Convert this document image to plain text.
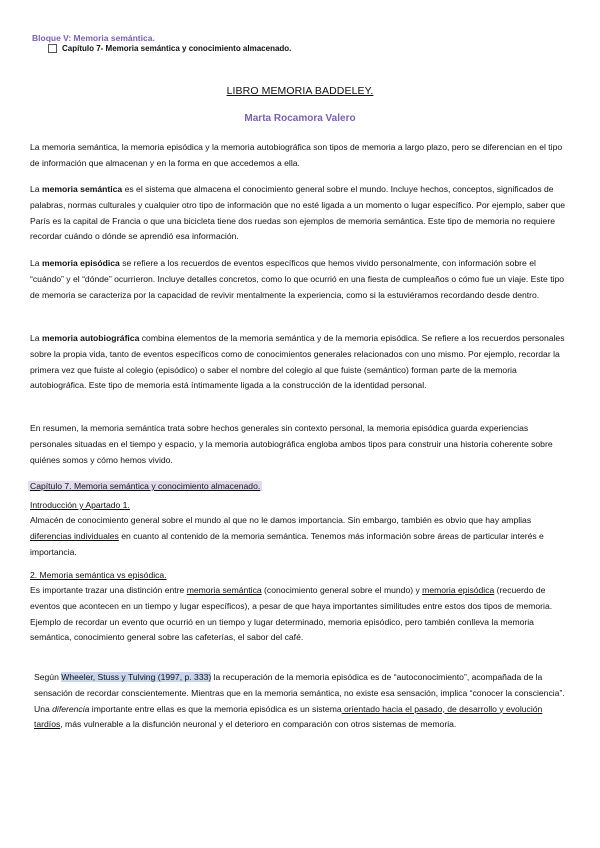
Bloque V: Memoria semántica.
Capítulo 7- Memoria semántica y conocimiento almacenado.
LIBRO MEMORIA BADDELEY.
Marta Rocamora Valero
La memoria semántica, la memoria episódica y la memoria autobiográfica son tipos de memoria a largo plazo, pero se diferencian en el tipo de información que almacenan y en la forma en que accedemos a ella.
La memoria semántica es el sistema que almacena el conocimiento general sobre el mundo. Incluye hechos, conceptos, significados de palabras, normas culturales y cualquier otro tipo de información que no esté ligada a un momento o lugar específico. Por ejemplo, saber que París es la capital de Francia o que una bicicleta tiene dos ruedas son ejemplos de memoria semántica. Este tipo de memoria no requiere recordar cuándo o dónde se aprendió esa información.
La memoria episódica se refiere a los recuerdos de eventos específicos que hemos vivido personalmente, con información sobre el “cuándo” y el “dónde” ocurrieron. Incluye detalles concretos, como lo que ocurrió en una fiesta de cumpleaños o cómo fue un viaje. Este tipo de memoria se caracteriza por la capacidad de revivir mentalmente la experiencia, como si la estuviéramos recordando desde dentro.
La memoria autobiográfica combina elementos de la memoria semántica y de la memoria episódica. Se refiere a los recuerdos personales sobre la propia vida, tanto de eventos específicos como de conocimientos generales relacionados con uno mismo. Por ejemplo, recordar la primera vez que fuiste al colegio (episódico) o saber el nombre del colegio al que fuiste (semántico) forman parte de la memoria autobiográfica. Este tipo de memoria está íntimamente ligada a la construcción de la identidad personal.
En resumen, la memoria semántica trata sobre hechos generales sin contexto personal, la memoria episódica guarda experiencias personales situadas en el tiempo y espacio, y la memoria autobiográfica engloba ambos tipos para construir una historia coherente sobre quiénes somos y cómo hemos vivido.
Capítulo 7. Memoria semántica y conocimiento almacenado.
Introducción y Apartado 1.
Almacén de conocimiento general sobre el mundo al que no le damos importancia. Sin embargo, también es obvio que hay amplias diferencias individuales en cuanto al contenido de la memoria semántica. Tenemos más información sobre áreas de particular interés e importancia.
2. Memoria semántica vs episódica.
Es importante trazar una distinción entre memoria semántica (conocimiento general sobre el mundo) y memoria episódica (recuerdo de eventos que acontecen en un tiempo y lugar específicos), a pesar de que haya importantes similitudes entre estos dos tipos de memoria. Ejemplo de recordar un evento que ocurrió en un tiempo y lugar determinado, memoria episódico, pero también conlleva la memoria semántica, conocimiento general sobre las cafeterías, el sabor del café.
Según Wheeler, Stuss y Tulving (1997, p. 333) la recuperación de la memoria episódica es de “autoconocimiento”, acompañada de la sensación de recordar conscientemente. Mientras que en la memoria semántica, no existe esa sensación, implica “conocer la consciencia”. Una diferencia importante entre ellas es que la memoria episódica es un sistema orientado hacia el pasado, de desarrollo y evolución tardíos, más vulnerable a la disfunción neuronal y el deterioro en comparación con otros sistemas de memoria.
